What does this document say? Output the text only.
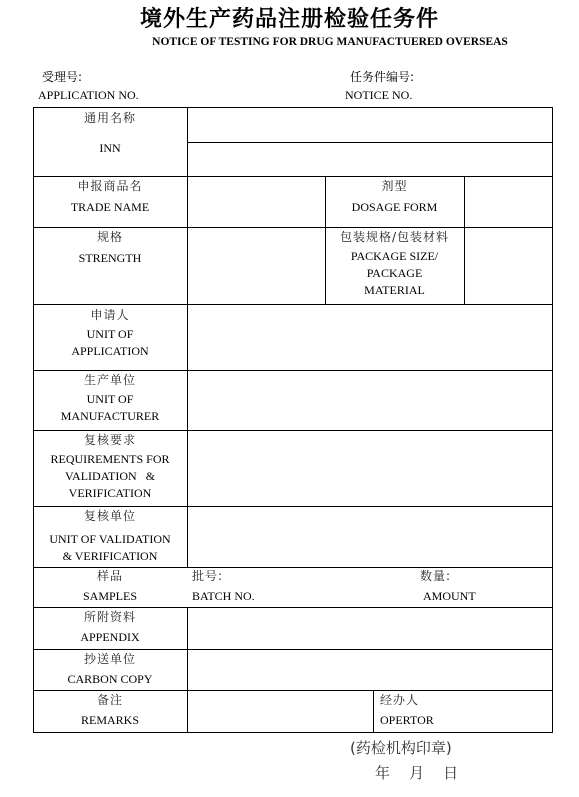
境外生产药品注册检验任务件
NOTICE OF TESTING FOR DRUG MANUFACTUERED OVERSEAS
受理号:
APPLICATION NO.
任务件编号:
NOTICE NO.
通用名称
INN
申报商品名
TRADE NAME
剂型
DOSAGE FORM
规格
STRENGTH
包装规格/包装材料
PACKAGE SIZE/
PACKAGE
MATERIAL
申请人
UNIT OF
APPLICATION
生产单位
UNIT OF
MANUFACTURER
复核要求
REQUIREMENTS FOR
VALIDATION   &
VERIFICATION
复核单位
UNIT OF VALIDATION
& VERIFICATION
样品
SAMPLES
批号:
BATCH NO.
数量:
AMOUNT
所附资料
APPENDIX
抄送单位
CARBON COPY
备注
REMARKS
经办人
OPERTOR
(药检机构印章)
年    月    日
